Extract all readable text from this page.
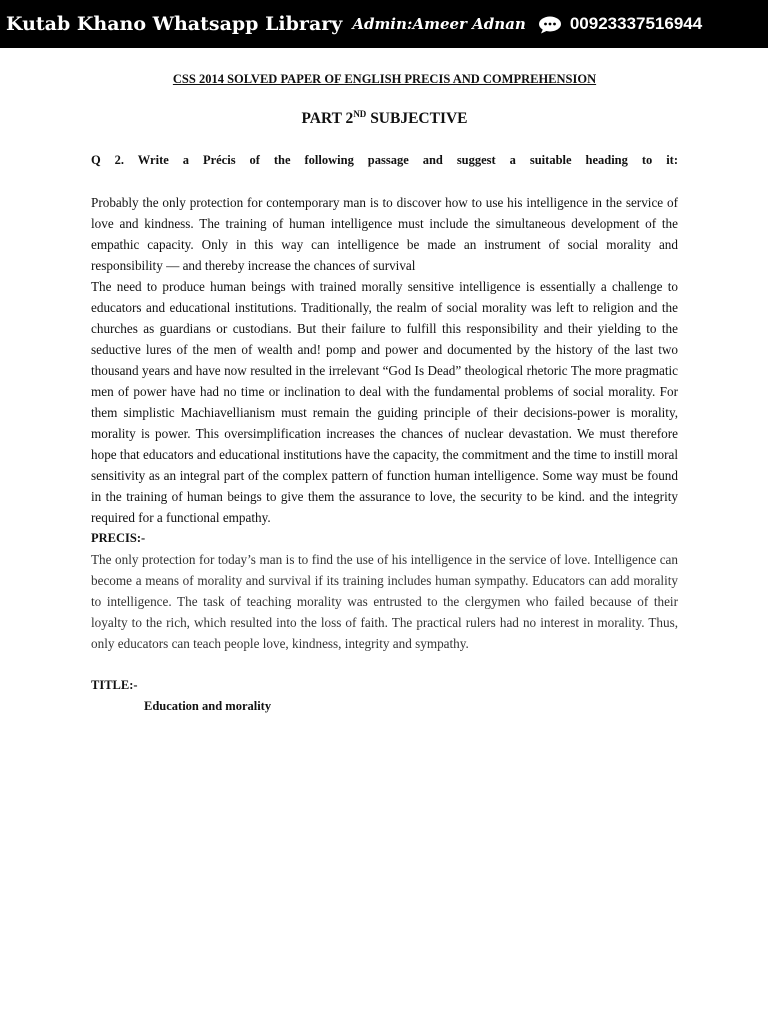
Kutab Khano Whatsapp Library Admin:Ameer Adnan	00923337516944

CSS 2014 SOLVED PAPER OF ENGLISH PRECIS AND COMPREHENSION

PART 2ND SUBJECTIVE

Q 2. Write a Précis of the following passage and suggest a suitable heading to it:

Probably the only protection for contemporary man is to discover how to use his intelligence in the service of love and kindness. The training of human intelligence must include the simultaneous development of the empathic capacity. Only in this way can intelligence be made an instrument of social morality and responsibility — and thereby increase the chances of survival

The need to produce human beings with trained morally sensitive intelligence is essentially a challenge to educators and educational institutions. Traditionally, the realm of social morality was left to religion and the churches as guardians or custodians. But their failure to fulfill this responsibility and their yielding to the seductive lures of the men of wealth and! pomp and power and documented by the history of the last two thousand years and have now resulted in the irrelevant “God Is Dead” theological rhetoric The more pragmatic men of power have had no time or inclination to deal with the fundamental problems of social morality. For them simplistic Machiavellianism must remain the guiding principle of their decisions-power is morality, morality is power. This oversimplification increases the chances of nuclear devastation. We must therefore hope that educators and educational institutions have the capacity, the commitment and the time to instill moral sensitivity as an integral part of the complex pattern of function human intelligence. Some way must be found in the training of human beings to give them the assurance to love, the security to be kind. and the integrity required for a functional empathy.

PRECIS:-

The only protection for today’s man is to find the use of his intelligence in the service of love. Intelligence can become a means of morality and survival if its training includes human sympathy. Educators can add morality to intelligence. The task of teaching morality was entrusted to the clergymen who failed because of their loyalty to the rich, which resulted into the loss of faith. The practical rulers had no interest in morality. Thus, only educators can teach people love, kindness, integrity and sympathy.

TITLE:-

Education and morality
